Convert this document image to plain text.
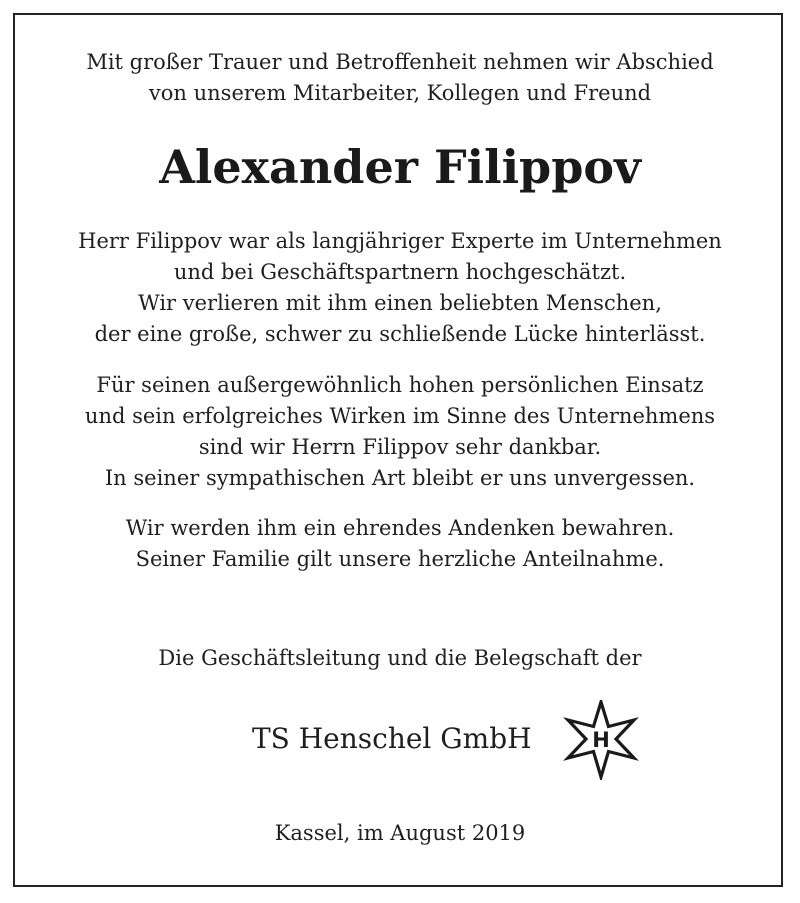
Mit großer Trauer und Betroffenheit nehmen wir Abschied
von unserem Mitarbeiter, Kollegen und Freund
Alexander Filippov
Herr Filippov war als langjähriger Experte im Unternehmen
und bei Geschäftspartnern hochgeschätzt.
Wir verlieren mit ihm einen beliebten Menschen,
der eine große, schwer zu schließende Lücke hinterlässt.
Für seinen außergewöhnlich hohen persönlichen Einsatz
und sein erfolgreiches Wirken im Sinne des Unternehmens
sind wir Herrn Filippov sehr dankbar.
In seiner sympathischen Art bleibt er uns unvergessen.
Wir werden ihm ein ehrendes Andenken bewahren.
Seiner Familie gilt unsere herzliche Anteilnahme.
Die Geschäftsleitung und die Belegschaft der
TS Henschel GmbH	H
Kassel, im August 2019
